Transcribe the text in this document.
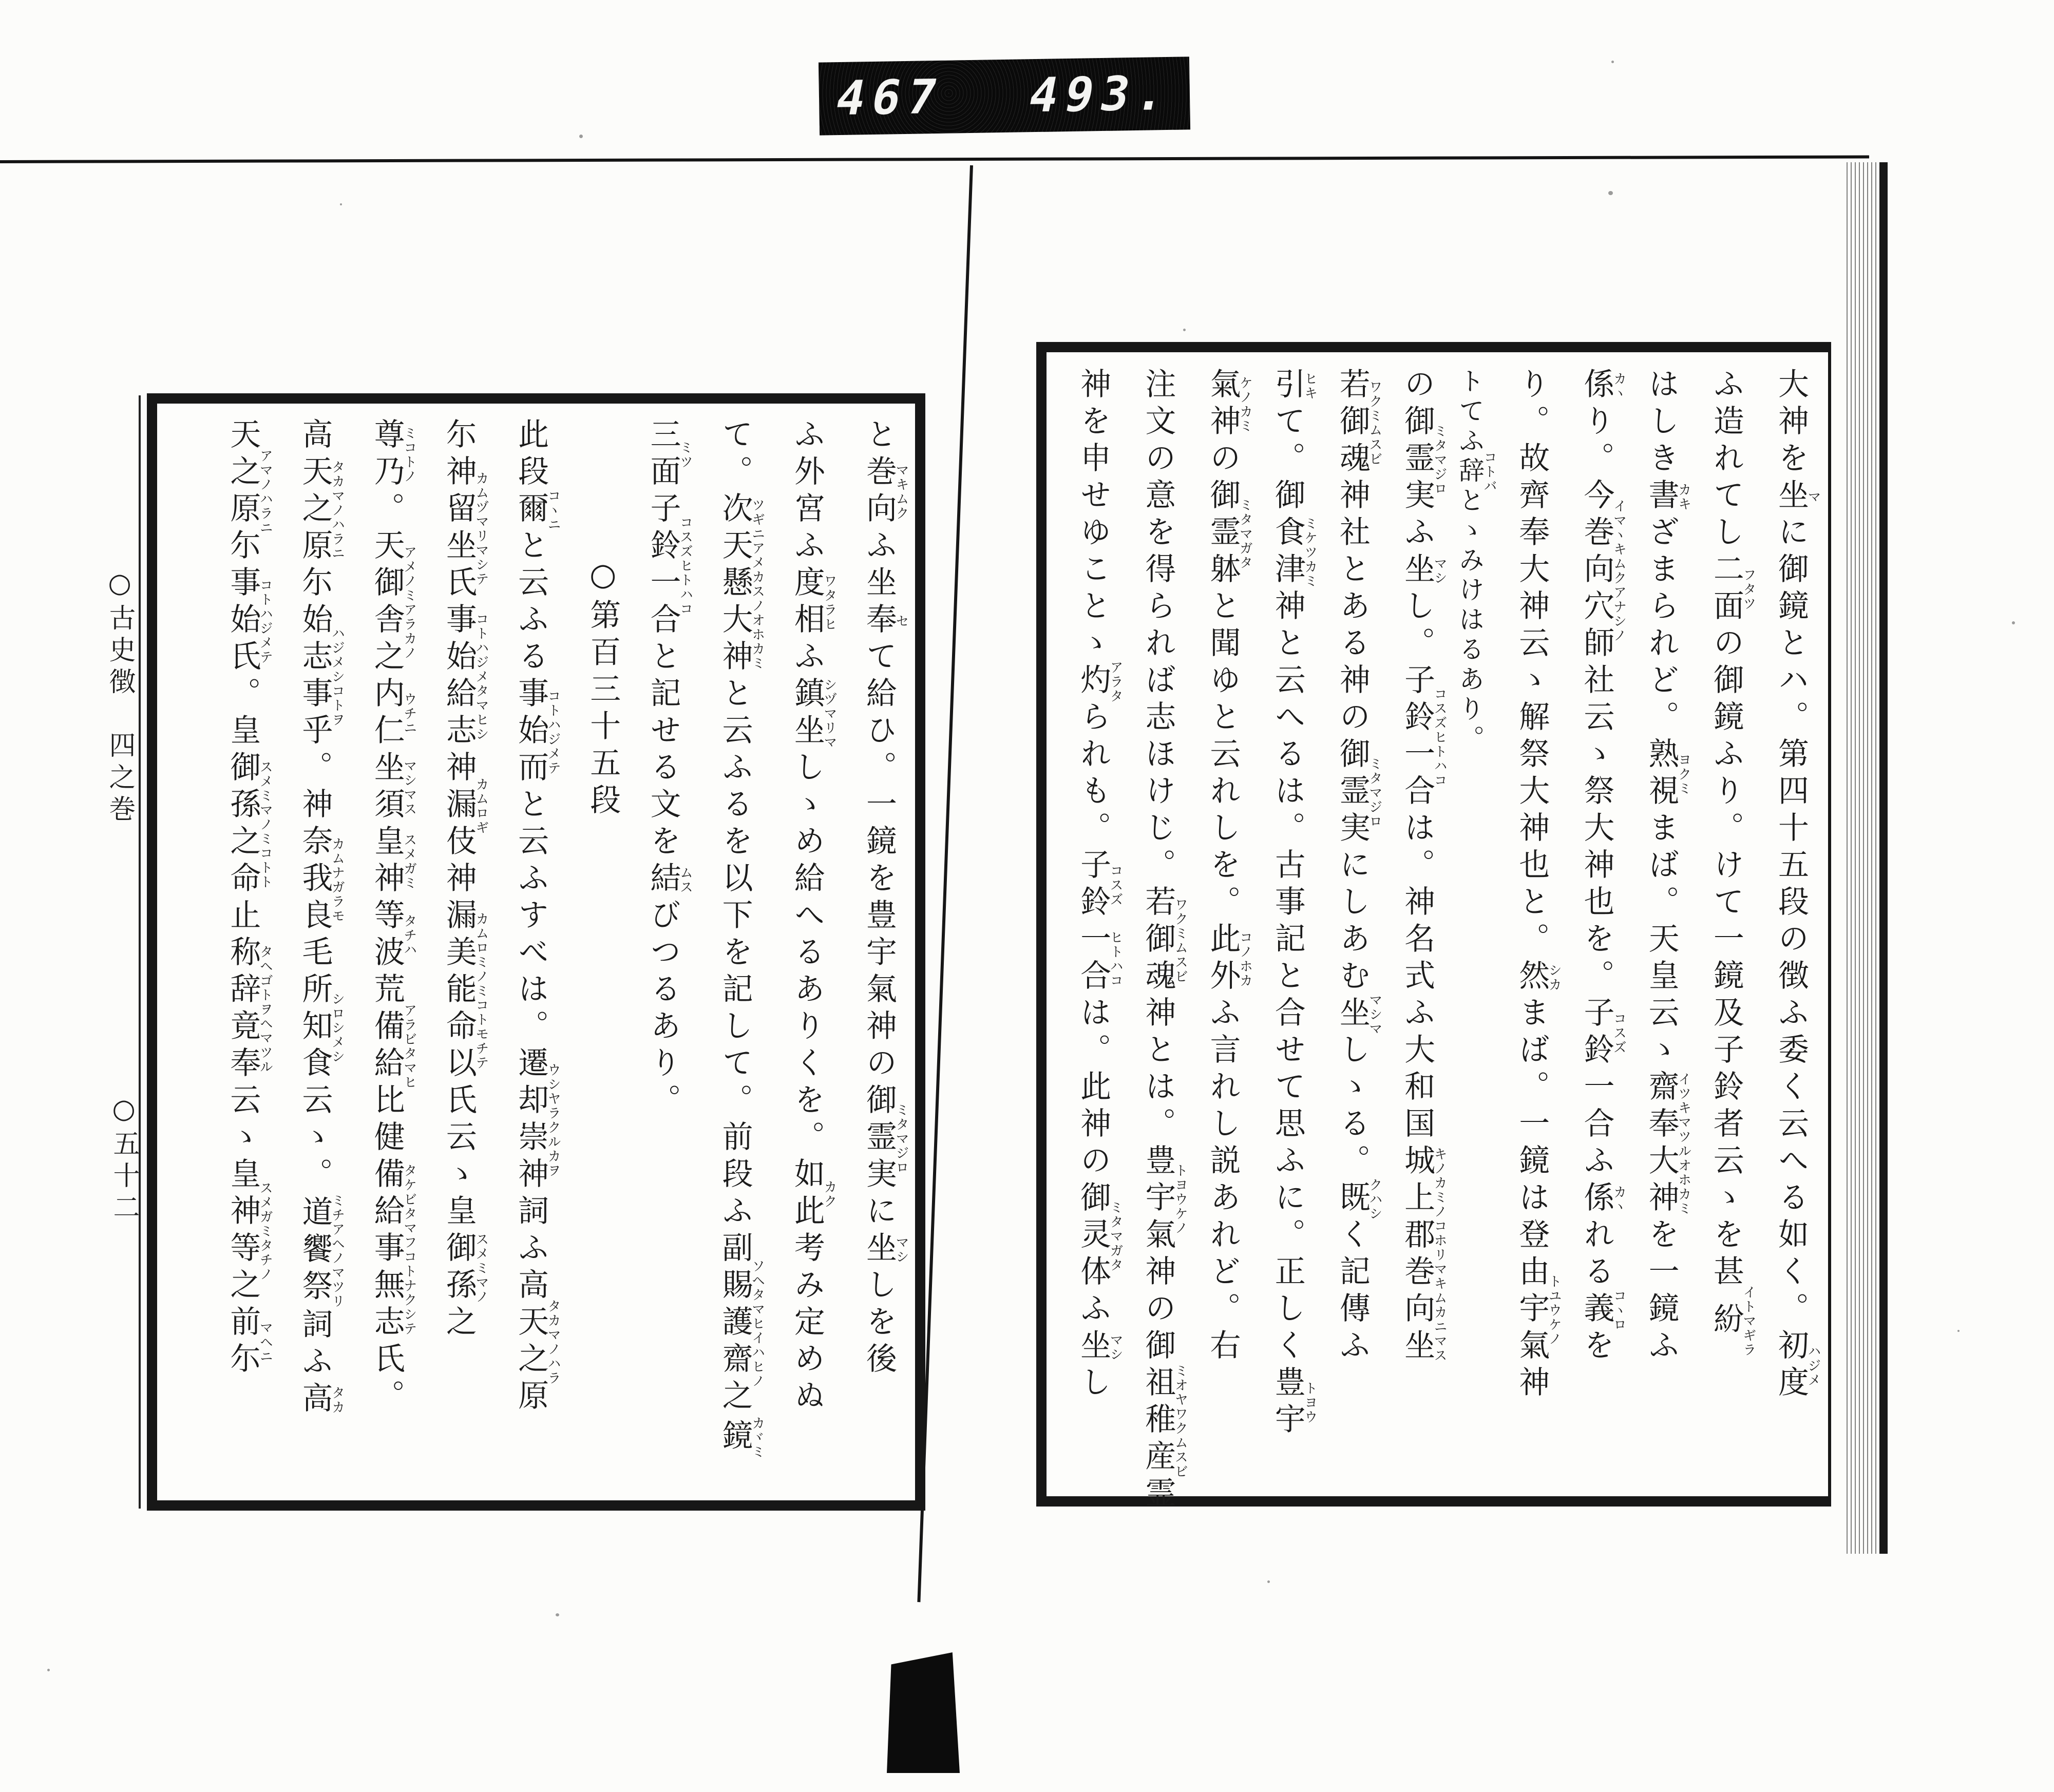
467 493.
大神を坐マに御鏡とハ。第四十五段の徴ふ委く云へる如く。初度ハジメ
ふ造れてし二面フタツの御鏡ふり。けて一鏡及子鈴者云ゝを甚紛イトマギラ
はしき書カキざまられど。熟視ヨクミまば。天皇云ゝ齋奉大神イツキマツルオホカミを一鏡ふ
係カヽり。今巻向穴師イマヽキムクアナシノ社云ゝ祭大神也を。子鈴コスズ一合ふ係カヽれる義コヽロを
り。故齊奉大神云ゝ解祭大神也と。然シカまば。一鏡は登由宇氣神トユウケノ
トてふ辞コトバとゝみけはるあり。
の御霊実ミタマジロふ坐マシし。子鈴一合コスズヒトハコは。神名式ふ大和国城上郡巻向坐キノカミノコホリマキムカニマス
若御魂ワクミムスビ神社とある神の御霊実ミタマジロにしあむ坐マシマしゝる。既クハシく記傳ふ
引ヒキて。御食津神ミケツカミと云へるは。古事記と合せて思ふに。正しく豊宇トヨウ
氣神ケノカミの御霊躰ミタマガタと聞ゆと云れしを。此外コノホカふ言れし説あれど。右
注文の意を得られば志ほけじ。若御魂ワクミムスビ神とは。豊宇氣トヨウケノ神の御祖稚産霊ミオヤワクムスビ
神を申せゆことゝ灼アラタられも。子鈴コスズ一合ヒトハコは。此神の御灵体ミタマガタふ坐マシし
と巻向マキムクふ坐奉セて給ひ。一鏡を豊宇氣神の御霊実ミタマジロに坐マシしを後
ふ外宮ふ度相ワタラヒふ鎮坐シヅマリマしゝめ給へるありくを。如此カク考み定めぬ
て。次天懸大神ツギニアメカスノオホカミと云ふるを以下を記して。前段ふ副賜護齋之ソヘタマヒイハヒノ鏡カヾミ
三面ミツ子鈴一合コスズヒトハコと記せる文を結ムスびつるあり。
○第百三十五段
此段爾コヽニと云ふる事始而コトハジメテと云ふすべは。遷却崇神ウシヤラクルカヲ詞ふ高天之原タカマノハラ
尓神留坐氏カムヅマリマシテ事始給志コトハジメタマヒシ神漏伎カムロギ神漏美能命以氏カムロミノミコトモチテ云ゝ皇御孫之スメミマノ
尊乃ミコトノ。天御舎之アメノミアラカノ内仁ウチニ坐須マシマス皇神スメガミ等波タチハ荒備給比アラビタマヒ健備給事無志氏タケビタマフコトナクシテ。
高天之原尓タカマノハラニ始志事乎ハジメシコトヲ。神奈我良毛カムナガラモ所知食シロシメシ云ゝ。道饗祭ミチアヘノマツリ詞ふ高タカ
天之原尓アマノハラニ事始氏コトハジメテ。皇御孫之命止スメミマノミコトト称辞竟奉タヘゴトヲヘマツル云ゝ皇神等之スメガミタチノ前尓マヘニ
○古史徴　四之巻
○五十二
